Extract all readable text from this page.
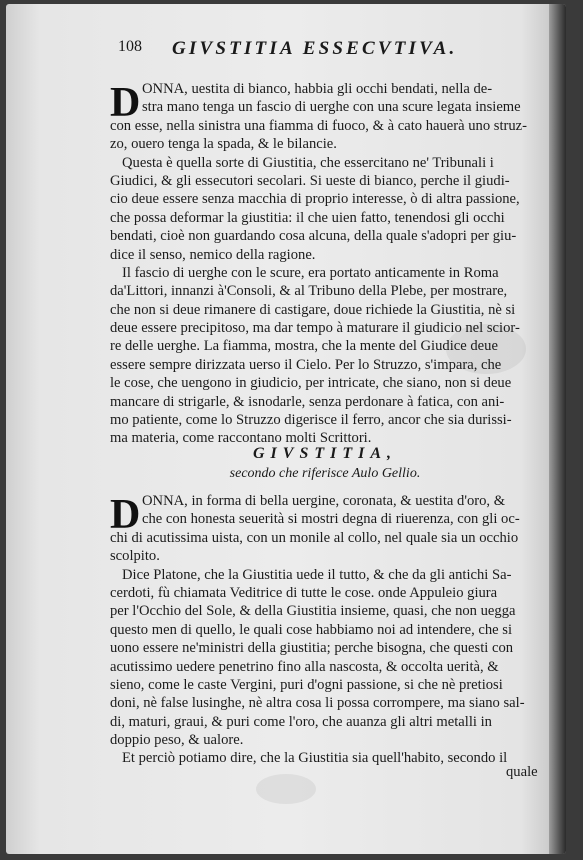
108 GIVSTITIA ESSECVTIVA.
D ONNA, uestita di bianco, habbia gli occhi bendati, nella de-
stra mano tenga un fascio di uerghe con una scure legata insieme
con esse, nella sinistra una fiamma di fuoco, & à cato hauerà uno struz-
zo, ouero tenga la spada, & le bilancie.
Questa è quella sorte di Giustitia, che essercitano ne' Tribunali i
Giudici, & gli essecutori secolari. Si ueste di bianco, perche il giudi-
cio deue essere senza macchia di proprio interesse, ò di altra passione,
che possa deformar la giustitia: il che uien fatto, tenendosi gli occhi
bendati, cioè non guardando cosa alcuna, della quale s'adopri per giu-
dice il senso, nemico della ragione.
Il fascio di uerghe con le scure, era portato anticamente in Roma
da'Littori, innanzi à'Consoli, & al Tribuno della Plebe, per mostrare,
che non si deue rimanere di castigare, doue richiede la Giustitia, nè si
deue essere precipitoso, ma dar tempo à maturare il giudicio nel scior-
re delle uerghe. La fiamma, mostra, che la mente del Giudice deue
essere sempre dirizzata uerso il Cielo. Per lo Struzzo, s'impara, che
le cose, che uengono in giudicio, per intricate, che siano, non si deue
mancare di strigarle, & isnodarle, senza perdonare à fatica, con ani-
mo patiente, come lo Struzzo digerisce il ferro, ancor che sia durissi-
ma materia, come raccontano molti Scrittori.
GIVSTITIA,
secondo che riferisce Aulo Gellio.
D ONNA, in forma di bella uergine, coronata, & uestita d'oro, &
che con honesta seuerità si mostri degna di riuerenza, con gli oc-
chi di acutissima uista, con un monile al collo, nel quale sia un occhio
scolpito.
Dice Platone, che la Giustitia uede il tutto, & che da gli antichi Sa-
cerdoti, fù chiamata Veditrice di tutte le cose. onde Appuleio giura
per l'Occhio del Sole, & della Giustitia insieme, quasi, che non uegga
questo men di quello, le quali cose habbiamo noi ad intendere, che si
uono essere ne'ministri della giustitia; perche bisogna, che questi con
acutissimo uedere penetrino fino alla nascosta, & occolta uerità, &
sieno, come le caste Vergini, puri d'ogni passione, si che nè pretiosi
doni, nè false lusinghe, nè altra cosa li possa corrompere, ma siano sal-
di, maturi, graui, & puri come l'oro, che auanza gli altri metalli in
doppio peso, & ualore.
Et perciò potiamo dire, che la Giustitia sia quell'habito, secondo il
quale
